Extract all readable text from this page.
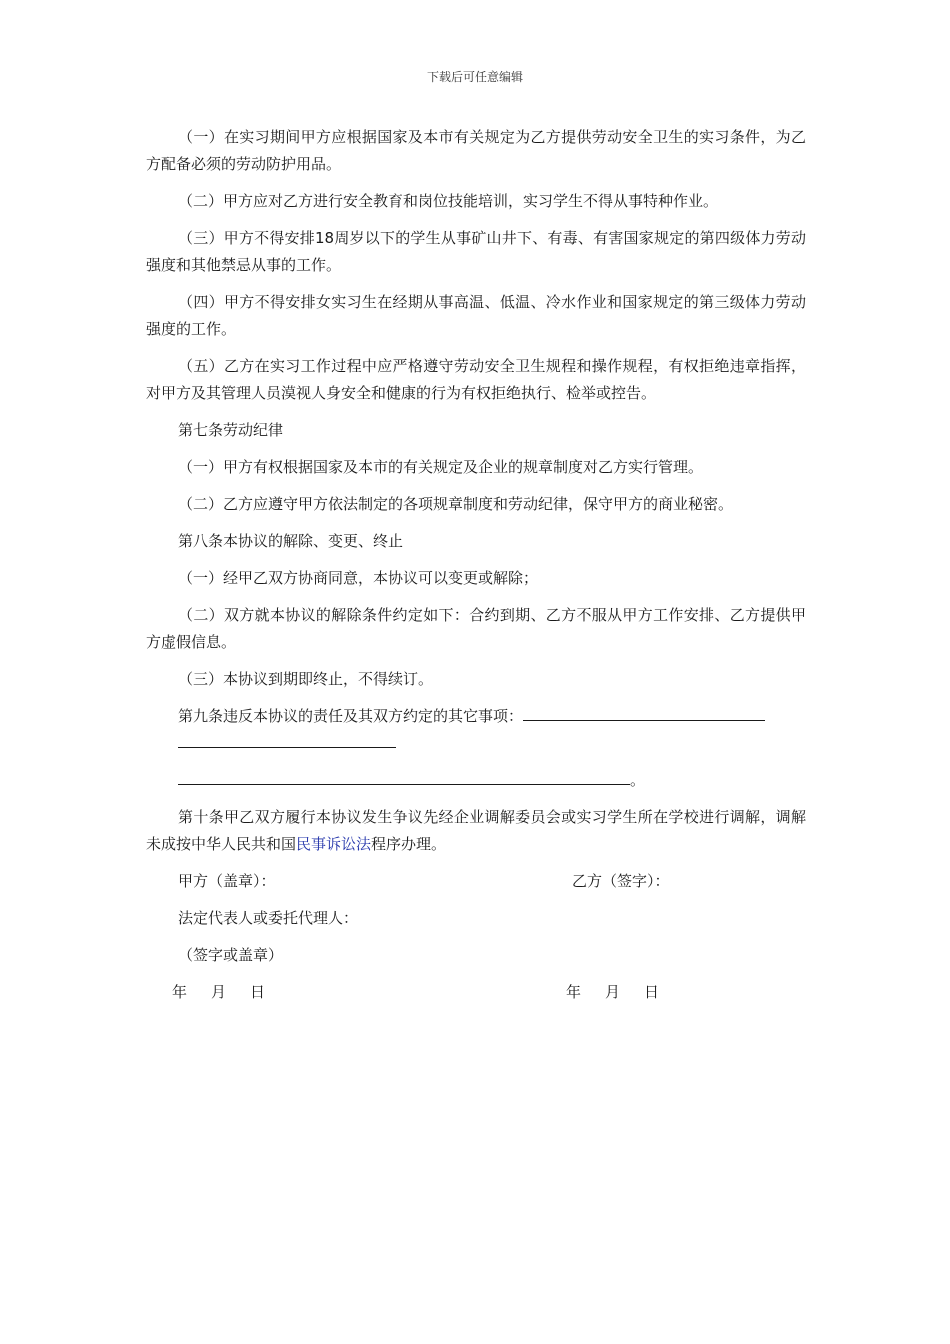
下载后可任意编辑

（一）在实习期间甲方应根据国家及本市有关规定为乙方提供劳动安全卫生的实习条件，为乙方配备必须的劳动防护用品。

（二）甲方应对乙方进行安全教育和岗位技能培训，实习学生不得从事特种作业。

（三）甲方不得安排18周岁以下的学生从事矿山井下、有毒、有害国家规定的第四级体力劳动强度和其他禁忌从事的工作。

（四）甲方不得安排女实习生在经期从事高温、低温、冷水作业和国家规定的第三级体力劳动强度的工作。

（五）乙方在实习工作过程中应严格遵守劳动安全卫生规程和操作规程，有权拒绝违章指挥，对甲方及其管理人员漠视人身安全和健康的行为有权拒绝执行、检举或控告。

第七条劳动纪律

（一）甲方有权根据国家及本市的有关规定及企业的规章制度对乙方实行管理。

（二）乙方应遵守甲方依法制定的各项规章制度和劳动纪律，保守甲方的商业秘密。

第八条本协议的解除、变更、终止

（一）经甲乙双方协商同意，本协议可以变更或解除；

（二）双方就本协议的解除条件约定如下：合约到期、乙方不服从甲方工作安排、乙方提供甲方虚假信息。

（三）本协议到期即终止，不得续订。

第九条违反本协议的责任及其双方约定的其它事项：

。

第十条甲乙双方履行本协议发生争议先经企业调解委员会或实习学生所在学校进行调解，调解未成按中华人民共和国民事诉讼法程序办理。

甲方（盖章）：	乙方（签字）：
法定代表人或委托代理人：
（签字或盖章）
年 月 日	年 月 日
